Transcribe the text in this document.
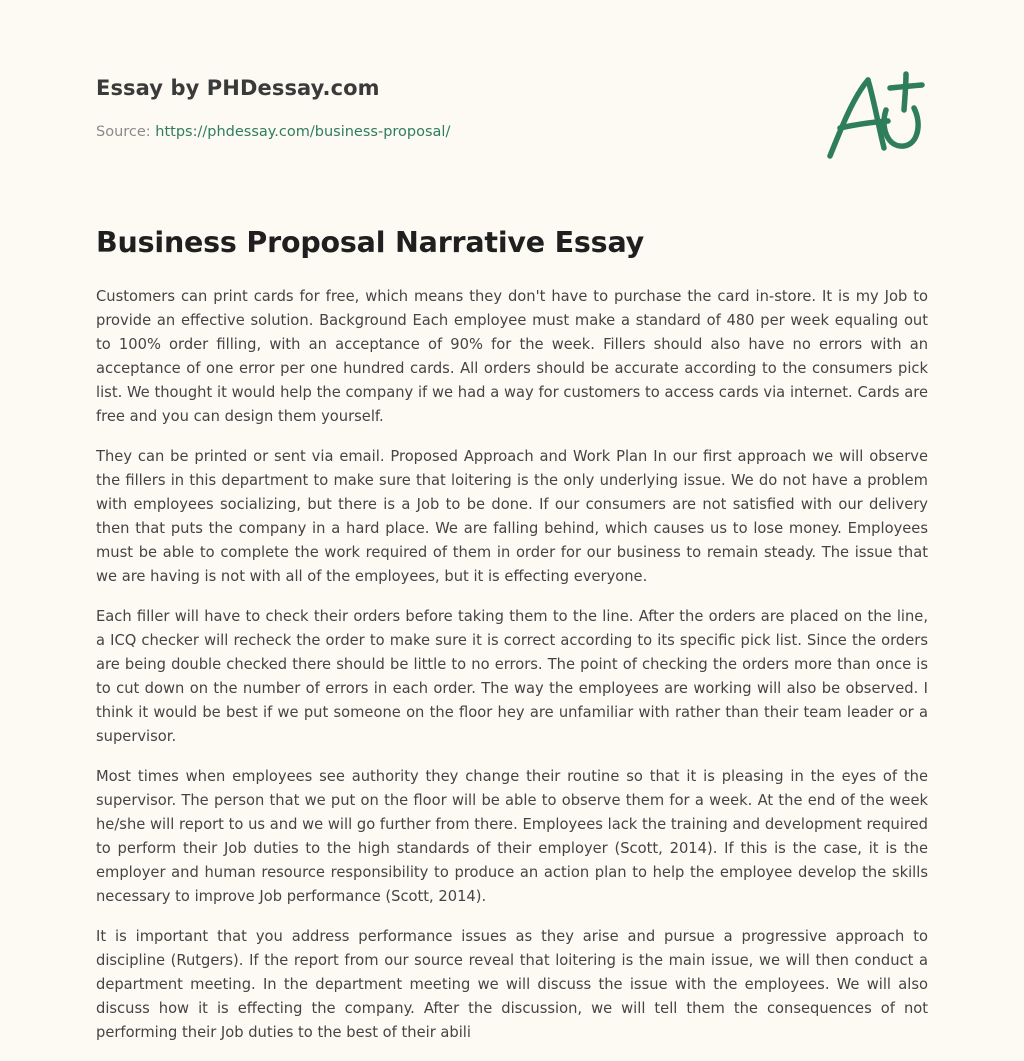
Essay by PHDessay.com

Source: https://phdessay.com/business-proposal/

Business Proposal Narrative Essay

Customers can print cards for free, which means they don't have to purchase the card in-store. It is my Job to provide an effective solution. Background Each employee must make a standard of 480 per week equaling out to 100% order filling, with an acceptance of 90% for the week. Fillers should also have no errors with an acceptance of one error per one hundred cards. All orders should be accurate according to the consumers pick list. We thought it would help the company if we had a way for customers to access cards via internet. Cards are free and you can design them yourself.

They can be printed or sent via email. Proposed Approach and Work Plan In our first approach we will observe the fillers in this department to make sure that loitering is the only underlying issue. We do not have a problem with employees socializing, but there is a Job to be done. If our consumers are not satisfied with our delivery then that puts the company in a hard place. We are falling behind, which causes us to lose money. Employees must be able to complete the work required of them in order for our business to remain steady. The issue that we are having is not with all of the employees, but it is effecting everyone.

Each filler will have to check their orders before taking them to the line. After the orders are placed on the line, a ICQ checker will recheck the order to make sure it is correct according to its specific pick list. Since the orders are being double checked there should be little to no errors. The point of checking the orders more than once is to cut down on the number of errors in each order. The way the employees are working will also be observed. I think it would be best if we put someone on the floor hey are unfamiliar with rather than their team leader or a supervisor.

Most times when employees see authority they change their routine so that it is pleasing in the eyes of the supervisor. The person that we put on the floor will be able to observe them for a week. At the end of the week he/she will report to us and we will go further from there. Employees lack the training and development required to perform their Job duties to the high standards of their employer (Scott, 2014). If this is the case, it is the employer and human resource responsibility to produce an action plan to help the employee develop the skills necessary to improve Job performance (Scott, 2014).

It is important that you address performance issues as they arise and pursue a progressive approach to discipline (Rutgers). If the report from our source reveal that loitering is the main issue, we will then conduct a department meeting. In the department meeting we will discuss the issue with the employees. We will also discuss how it is effecting the company. After the discussion, we will tell them the consequences of not performing their Job duties to the best of their abili
